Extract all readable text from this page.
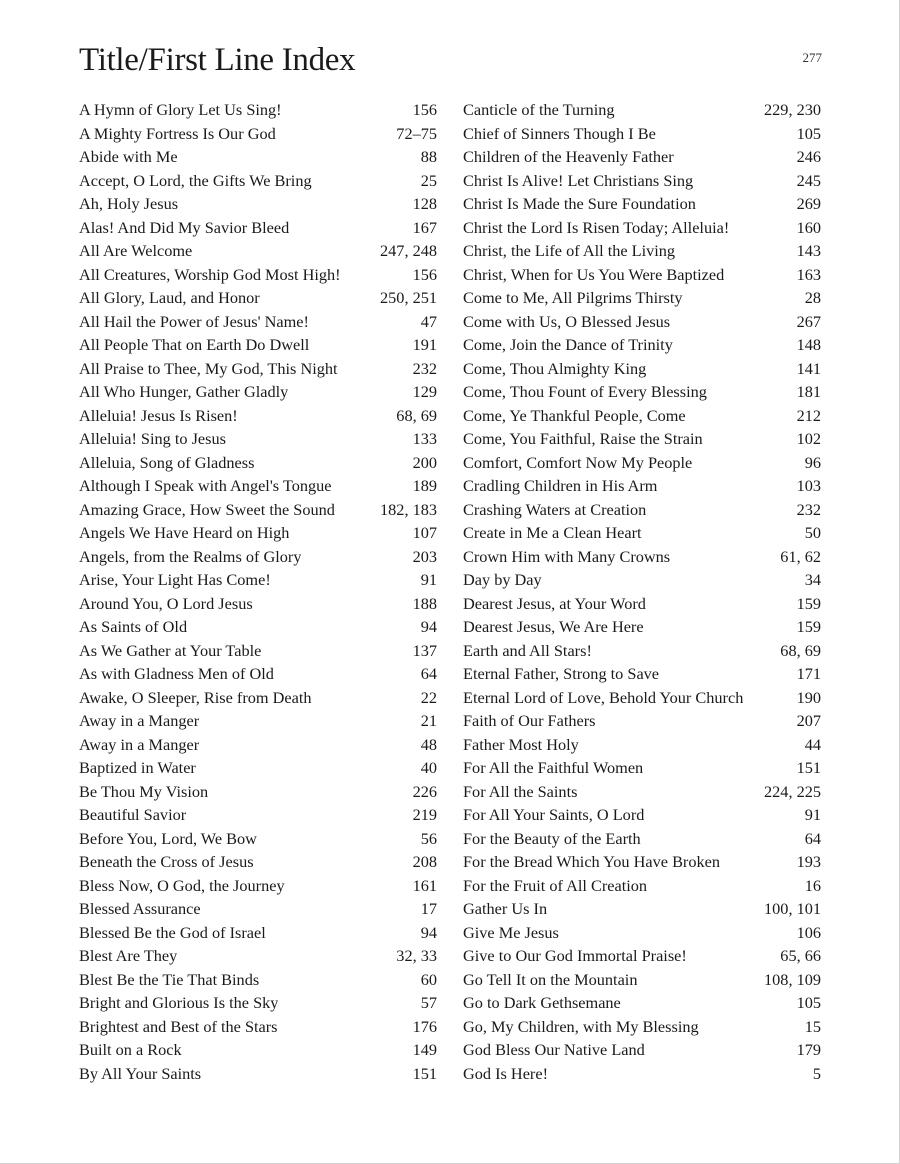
Title/First Line Index	277
A Hymn of Glory Let Us Sing!	156
A Mighty Fortress Is Our God	72–75
Abide with Me	88
Accept, O Lord, the Gifts We Bring	25
Ah, Holy Jesus	128
Alas! And Did My Savior Bleed	167
All Are Welcome	247, 248
All Creatures, Worship God Most High!	156
All Glory, Laud, and Honor	250, 251
All Hail the Power of Jesus' Name!	47
All People That on Earth Do Dwell	191
All Praise to Thee, My God, This Night	232
All Who Hunger, Gather Gladly	129
Alleluia! Jesus Is Risen!	68, 69
Alleluia! Sing to Jesus	133
Alleluia, Song of Gladness	200
Although I Speak with Angel's Tongue	189
Amazing Grace, How Sweet the Sound	182, 183
Angels We Have Heard on High	107
Angels, from the Realms of Glory	203
Arise, Your Light Has Come!	91
Around You, O Lord Jesus	188
As Saints of Old	94
As We Gather at Your Table	137
As with Gladness Men of Old	64
Awake, O Sleeper, Rise from Death	22
Away in a Manger	21
Away in a Manger	48
Baptized in Water	40
Be Thou My Vision	226
Beautiful Savior	219
Before You, Lord, We Bow	56
Beneath the Cross of Jesus	208
Bless Now, O God, the Journey	161
Blessed Assurance	17
Blessed Be the God of Israel	94
Blest Are They	32, 33
Blest Be the Tie That Binds	60
Bright and Glorious Is the Sky	57
Brightest and Best of the Stars	176
Built on a Rock	149
By All Your Saints	151
Canticle of the Turning	229, 230
Chief of Sinners Though I Be	105
Children of the Heavenly Father	246
Christ Is Alive! Let Christians Sing	245
Christ Is Made the Sure Foundation	269
Christ the Lord Is Risen Today; Alleluia!	160
Christ, the Life of All the Living	143
Christ, When for Us You Were Baptized	163
Come to Me, All Pilgrims Thirsty	28
Come with Us, O Blessed Jesus	267
Come, Join the Dance of Trinity	148
Come, Thou Almighty King	141
Come, Thou Fount of Every Blessing	181
Come, Ye Thankful People, Come	212
Come, You Faithful, Raise the Strain	102
Comfort, Comfort Now My People	96
Cradling Children in His Arm	103
Crashing Waters at Creation	232
Create in Me a Clean Heart	50
Crown Him with Many Crowns	61, 62
Day by Day	34
Dearest Jesus, at Your Word	159
Dearest Jesus, We Are Here	159
Earth and All Stars!	68, 69
Eternal Father, Strong to Save	171
Eternal Lord of Love, Behold Your Church	190
Faith of Our Fathers	207
Father Most Holy	44
For All the Faithful Women	151
For All the Saints	224, 225
For All Your Saints, O Lord	91
For the Beauty of the Earth	64
For the Bread Which You Have Broken	193
For the Fruit of All Creation	16
Gather Us In	100, 101
Give Me Jesus	106
Give to Our God Immortal Praise!	65, 66
Go Tell It on the Mountain	108, 109
Go to Dark Gethsemane	105
Go, My Children, with My Blessing	15
God Bless Our Native Land	179
God Is Here!	5
